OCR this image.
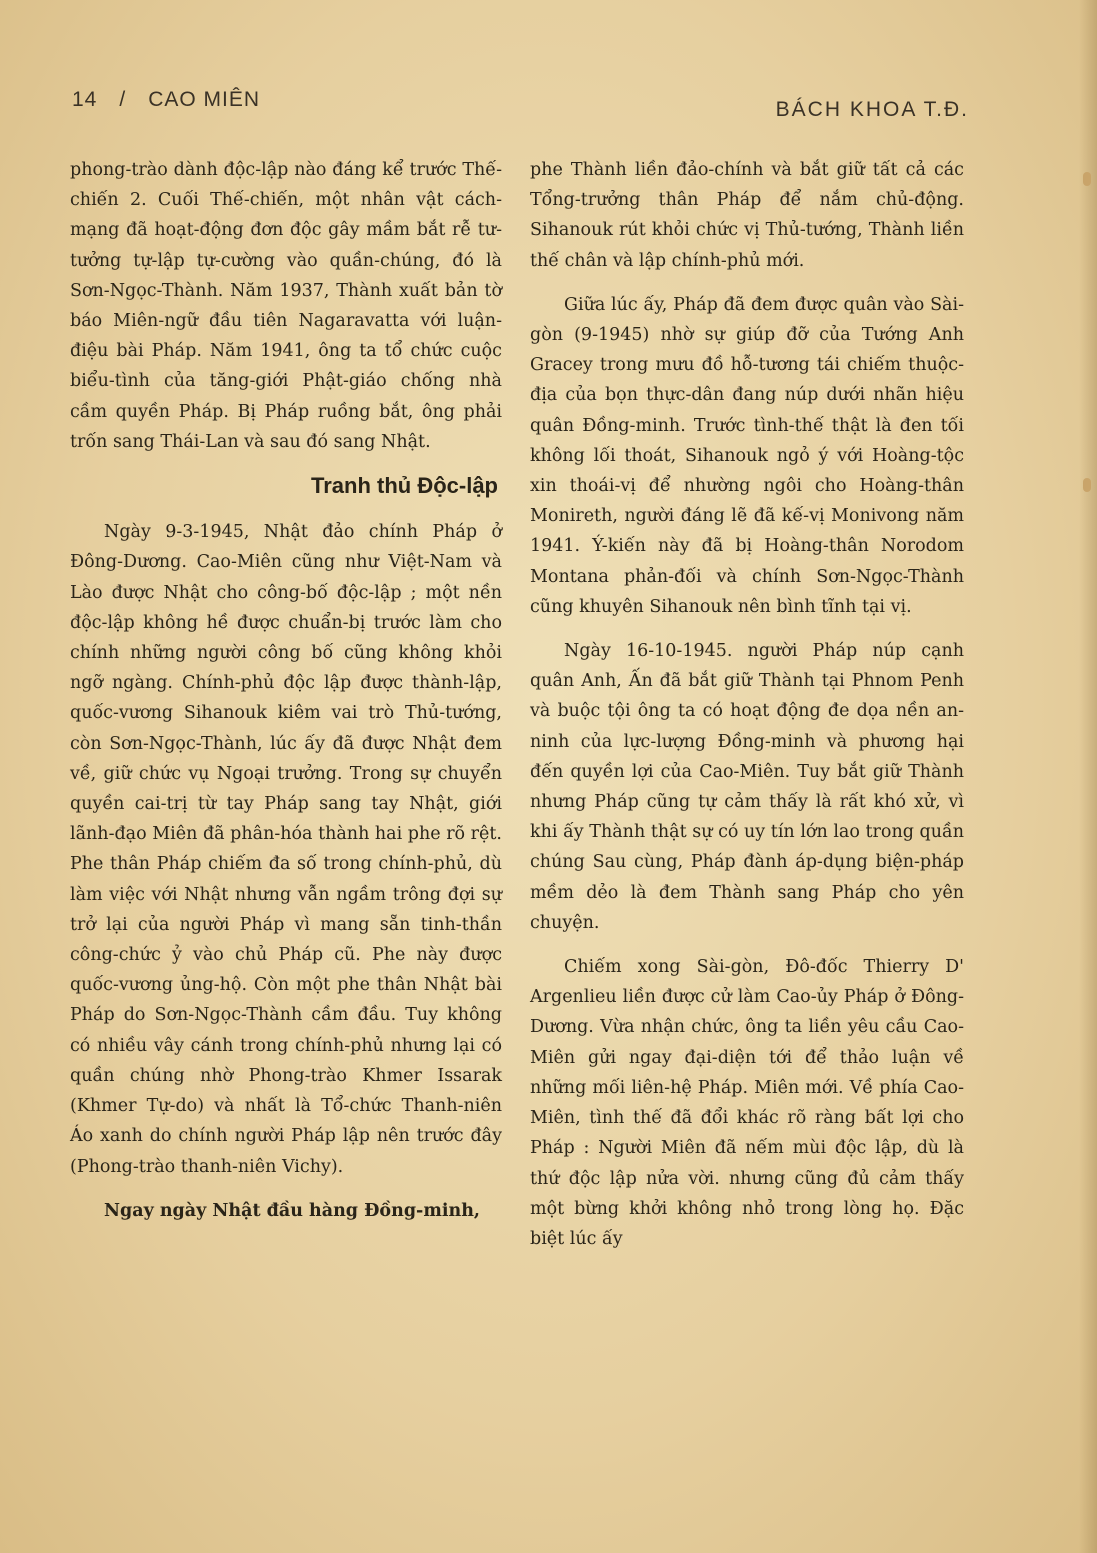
14 / CAO MIÊN	BÁCH KHOA T.Đ.

phong-trào dành độc-lập nào đáng kể trước Thế-chiến 2. Cuối Thế-chiến, một nhân vật cách-mạng đã hoạt-động đơn độc gây mầm bắt rễ tư-tưởng tự-lập tự-cường vào quần-chúng, đó là Sơn-Ngọc-Thành. Năm 1937, Thành xuất bản tờ báo Miên-ngữ đầu tiên Nagaravatta với luận-điệu bài Pháp. Năm 1941, ông ta tổ chức cuộc biểu-tình của tăng-giới Phật-giáo chống nhà cầm quyền Pháp. Bị Pháp ruồng bắt, ông phải trốn sang Thái-Lan và sau đó sang Nhật.

Tranh thủ Độc-lập

Ngày 9-3-1945, Nhật đảo chính Pháp ở Đông-Dương. Cao-Miên cũng như Việt-Nam và Lào được Nhật cho công-bố độc-lập ; một nền độc-lập không hề được chuẩn-bị trước làm cho chính những người công bố cũng không khỏi ngỡ ngàng. Chính-phủ độc lập được thành-lập, quốc-vương Sihanouk kiêm vai trò Thủ-tướng, còn Sơn-Ngọc-Thành, lúc ấy đã được Nhật đem về, giữ chức vụ Ngoại trưởng. Trong sự chuyển quyền cai-trị từ tay Pháp sang tay Nhật, giới lãnh-đạo Miên đã phân-hóa thành hai phe rõ rệt. Phe thân Pháp chiếm đa số trong chính-phủ, dù làm việc với Nhật nhưng vẫn ngầm trông đợi sự trở lại của người Pháp vì mang sẵn tinh-thần công-chức ỷ vào chủ Pháp cũ. Phe này được quốc-vương ủng-hộ. Còn một phe thân Nhật bài Pháp do Sơn-Ngọc-Thành cầm đầu. Tuy không có nhiều vây cánh trong chính-phủ nhưng lại có quần chúng nhờ Phong-trào Khmer Issarak (Khmer Tự-do) và nhất là Tổ-chức Thanh-niên Áo xanh do chính người Pháp lập nên trước đây (Phong-trào thanh-niên Vichy).

Ngay ngày Nhật đầu hàng Đồng-minh,

phe Thành liền đảo-chính và bắt giữ tất cả các Tổng-trưởng thân Pháp để nắm chủ-động. Sihanouk rút khỏi chức vị Thủ-tướng, Thành liền thế chân và lập chính-phủ mới.

Giữa lúc ấy, Pháp đã đem được quân vào Sài-gòn (9-1945) nhờ sự giúp đỡ của Tướng Anh Gracey trong mưu đồ hỗ-tương tái chiếm thuộc-địa của bọn thực-dân đang núp dưới nhãn hiệu quân Đồng-minh. Trước tình-thế thật là đen tối không lối thoát, Sihanouk ngỏ ý với Hoàng-tộc xin thoái-vị để nhường ngôi cho Hoàng-thân Monireth, người đáng lẽ đã kế-vị Monivong năm 1941. Ý-kiến này đã bị Hoàng-thân Norodom Montana phản-đối và chính Sơn-Ngọc-Thành cũng khuyên Sihanouk nên bình tĩnh tại vị.

Ngày 16-10-1945. người Pháp núp cạnh quân Anh, Ấn đã bắt giữ Thành tại Phnom Penh và buộc tội ông ta có hoạt động đe dọa nền an-ninh của lực-lượng Đồng-minh và phương hại đến quyền lợi của Cao-Miên. Tuy bắt giữ Thành nhưng Pháp cũng tự cảm thấy là rất khó xử, vì khi ấy Thành thật sự có uy tín lớn lao trong quần chúng Sau cùng, Pháp đành áp-dụng biện-pháp mềm dẻo là đem Thành sang Pháp cho yên chuyện.

Chiếm xong Sài-gòn, Đô-đốc Thierry D' Argenlieu liền được cử làm Cao-ủy Pháp ở Đông-Dương. Vừa nhận chức, ông ta liền yêu cầu Cao-Miên gửi ngay đại-diện tới để thảo luận về những mối liên-hệ Pháp. Miên mới. Về phía Cao-Miên, tình thế đã đổi khác rõ ràng bất lợi cho Pháp : Người Miên đã nếm mùi độc lập, dù là thứ độc lập nửa vời. nhưng cũng đủ cảm thấy một bừng khởi không nhỏ trong lòng họ. Đặc biệt lúc ấy
